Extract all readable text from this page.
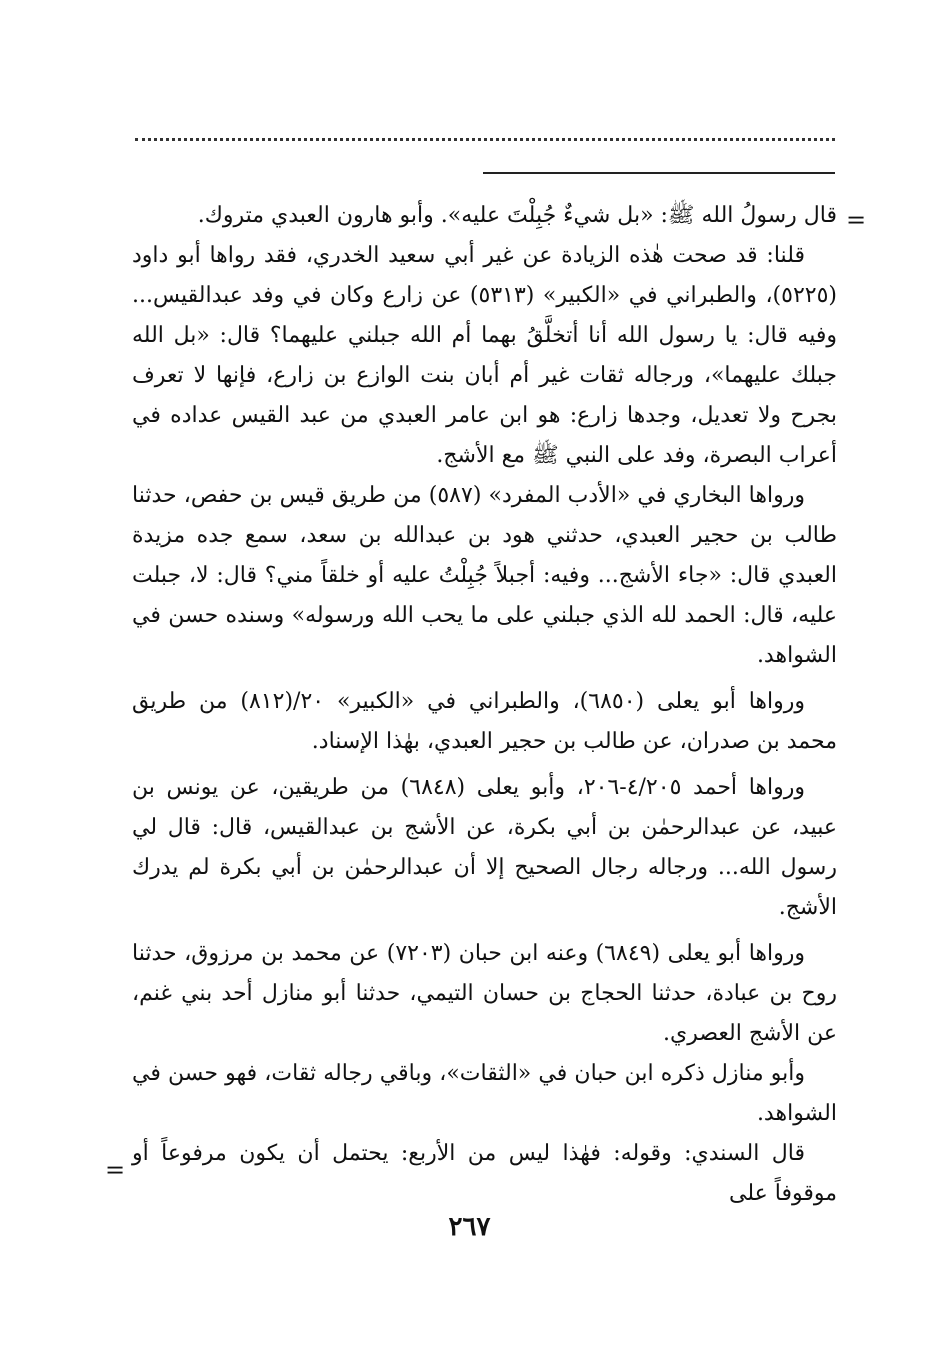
=

قال رسولُ الله ﷺ: «بل شيءٌ جُبِلْتَ عليه». وأبو هارون العبدي متروك.

قلنا: قد صحت هٰذه الزيادة عن غير أبي سعيد الخدري، فقد رواها أبو داود (٥٢٢٥)، والطبراني في «الكبير» (٥٣١٣) عن زارع وكان في وفد عبدالقيس... وفيه قال: يا رسول الله أنا أتخلَّقُ بهما أم الله جبلني عليهما؟ قال: «بل الله جبلك عليهما»، ورجاله ثقات غير أم أبان بنت الوازع بن زارع، فإنها لا تعرف بجرح ولا تعديل، وجدها زارع: هو ابن عامر العبدي من عبد القيس عداده في أعراب البصرة، وفد على النبي ﷺ مع الأشج.

ورواها البخاري في «الأدب المفرد» (٥٨٧) من طريق قيس بن حفص، حدثنا طالب بن حجير العبدي، حدثني هود بن عبدالله بن سعد، سمع جده مزيدة العبدي قال: «جاء الأشج... وفيه: أجبلاً جُبِلْتُ عليه أو خلقاً مني؟ قال: لا، جبلت عليه، قال: الحمد لله الذي جبلني على ما يحب الله ورسوله» وسنده حسن في الشواهد.

ورواها أبو يعلى (٦٨٥٠)، والطبراني في «الكبير» ٢٠/(٨١٢) من طريق محمد بن صدران، عن طالب بن حجير العبدي، بهٰذا الإسناد.

ورواها أحمد ٤/٢٠٥-٢٠٦، وأبو يعلى (٦٨٤٨) من طريقين، عن يونس بن عبيد، عن عبدالرحمٰن بن أبي بكرة، عن الأشج بن عبدالقيس، قال: قال لي رسول الله... ورجاله رجال الصحيح إلا أن عبدالرحمٰن بن أبي بكرة لم يدرك الأشج.

ورواها أبو يعلى (٦٨٤٩) وعنه ابن حبان (٧٢٠٣) عن محمد بن مرزوق، حدثنا روح بن عبادة، حدثنا الحجاج بن حسان التيمي، حدثنا أبو منازل أحد بني غنم، عن الأشج العصري.

وأبو منازل ذكره ابن حبان في «الثقات»، وباقي رجاله ثقات، فهو حسن في الشواهد.

قال السندي: وقوله: فهٰذا ليس من الأربع: يحتمل أن يكون مرفوعاً أو موقوفاً على

=
٢٦٧
